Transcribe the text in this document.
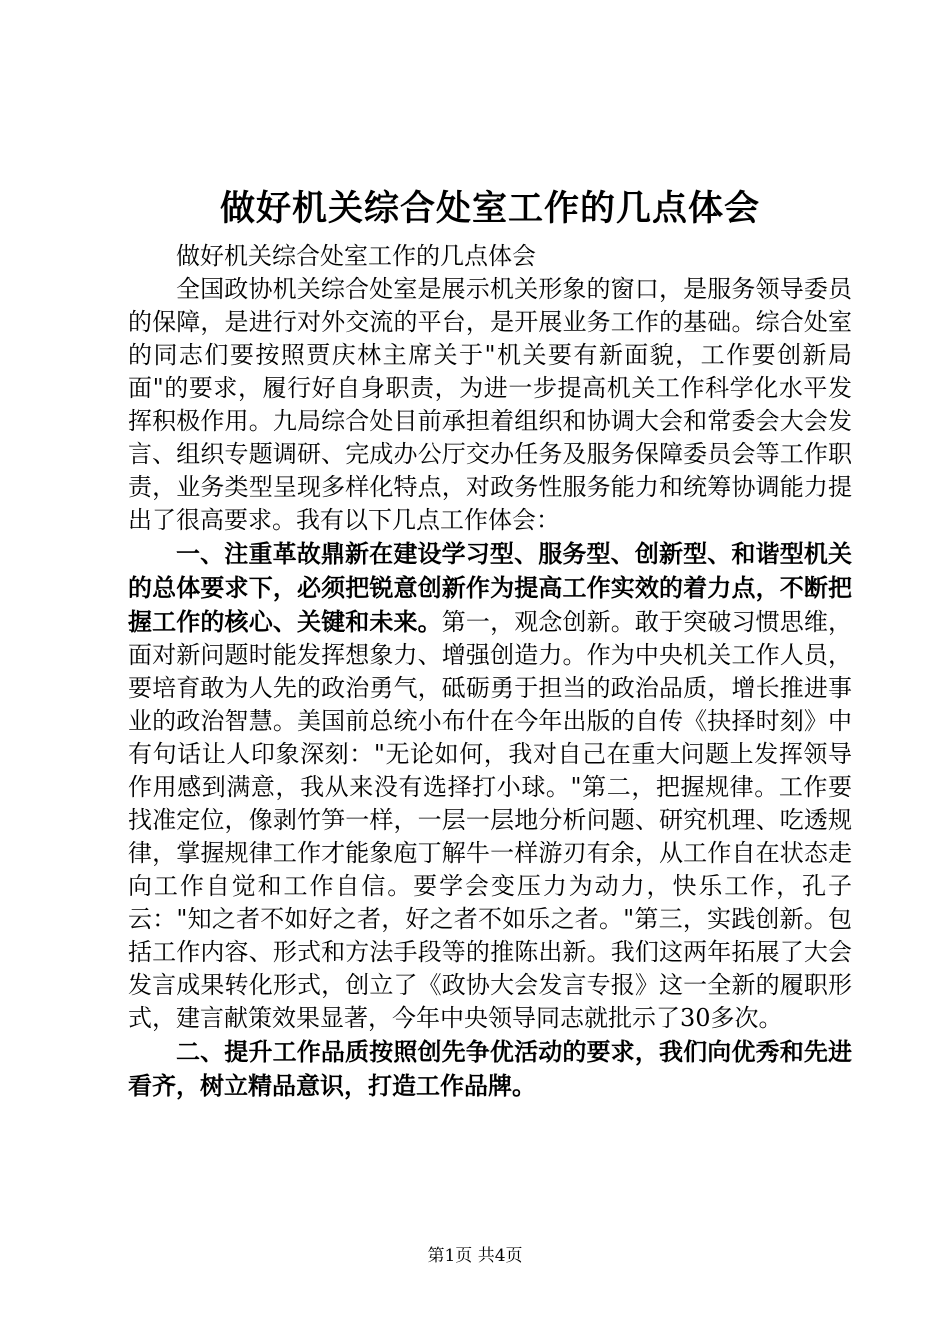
做好机关综合处室工作的几点体会

做好机关综合处室工作的几点体会

全国政协机关综合处室是展示机关形象的窗口，是服务领导委员的保障，是进行对外交流的平台，是开展业务工作的基础。综合处室的同志们要按照贾庆林主席关于"机关要有新面貌，工作要创新局面"的要求，履行好自身职责，为进一步提高机关工作科学化水平发挥积极作用。九局综合处目前承担着组织和协调大会和常委会大会发言、组织专题调研、完成办公厅交办任务及服务保障委员会等工作职责，业务类型呈现多样化特点，对政务性服务能力和统筹协调能力提出了很高要求。我有以下几点工作体会：

一、注重革故鼎新在建设学习型、服务型、创新型、和谐型机关的总体要求下，必须把锐意创新作为提高工作实效的着力点，不断把握工作的核心、关键和未来。第一，观念创新。敢于突破习惯思维，面对新问题时能发挥想象力、增强创造力。作为中央机关工作人员，要培育敢为人先的政治勇气，砥砺勇于担当的政治品质，增长推进事业的政治智慧。美国前总统小布什在今年出版的自传《抉择时刻》中有句话让人印象深刻："无论如何，我对自己在重大问题上发挥领导作用感到满意，我从来没有选择打小球。"第二，把握规律。工作要找准定位，像剥竹笋一样，一层一层地分析问题、研究机理、吃透规律，掌握规律工作才能象庖丁解牛一样游刃有余，从工作自在状态走向工作自觉和工作自信。要学会变压力为动力，快乐工作，孔子云："知之者不如好之者，好之者不如乐之者。"第三，实践创新。包括工作内容、形式和方法手段等的推陈出新。我们这两年拓展了大会发言成果转化形式，创立了《政协大会发言专报》这一全新的履职形式，建言献策效果显著，今年中央领导同志就批示了30多次。

二、提升工作品质按照创先争优活动的要求，我们向优秀和先进看齐，树立精品意识，打造工作品牌。

第1页 共4页
